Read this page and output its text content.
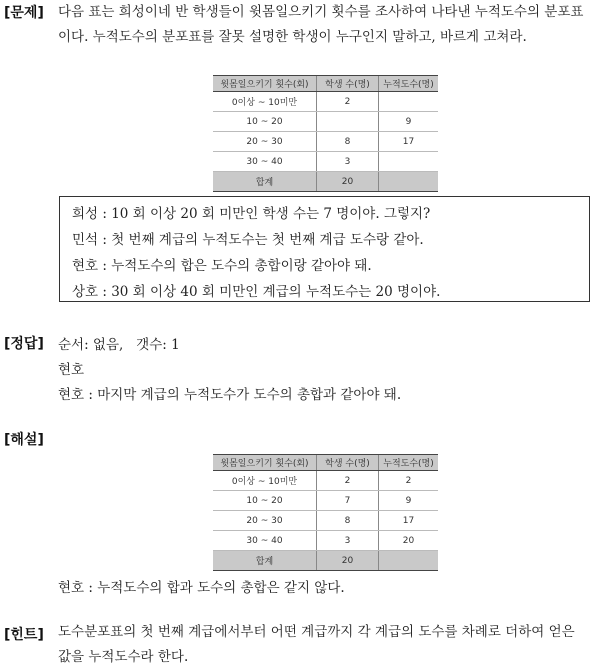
[문제] 다음 표는 희성이네 반 학생들이 윗몸일으키기 횟수를 조사하여 나타낸 누적도수의 분포표이다. 누적도수의 분포표를 잘못 설명한 학생이 누구인지 말하고, 바르게 고쳐라.
윗몸일으키기 횟수(회)	학생 수(명)	누적도수(명)
0이상 ~ 10미만	2	
10 ~ 20		9
20 ~ 30	8	17
30 ~ 40	3	
합계	20	
희성 : 10 회 이상 20 회 미만인 학생 수는 7 명이야. 그렇지?
민석 : 첫 번째 계급의 누적도수는 첫 번째 계급 도수랑 같아.
현호 : 누적도수의 합은 도수의 총합이랑 같아야 돼.
상호 : 30 회 이상 40 회 미만인 계급의 누적도수는 20 명이야.
[정답] 순서: 없음,   갯수: 1
현호
현호 : 마지막 계급의 누적도수가 도수의 총합과 같아야 돼.
[해설]
윗몸일으키기 횟수(회)	학생 수(명)	누적도수(명)
0이상 ~ 10미만	2	2
10 ~ 20	7	9
20 ~ 30	8	17
30 ~ 40	3	20
합계	20	
현호 : 누적도수의 합과 도수의 총합은 같지 않다.
[힌트] 도수분포표의 첫 번째 계급에서부터 어떤 계급까지 각 계급의 도수를 차례로 더하여 얻은 값을 누적도수라 한다.
